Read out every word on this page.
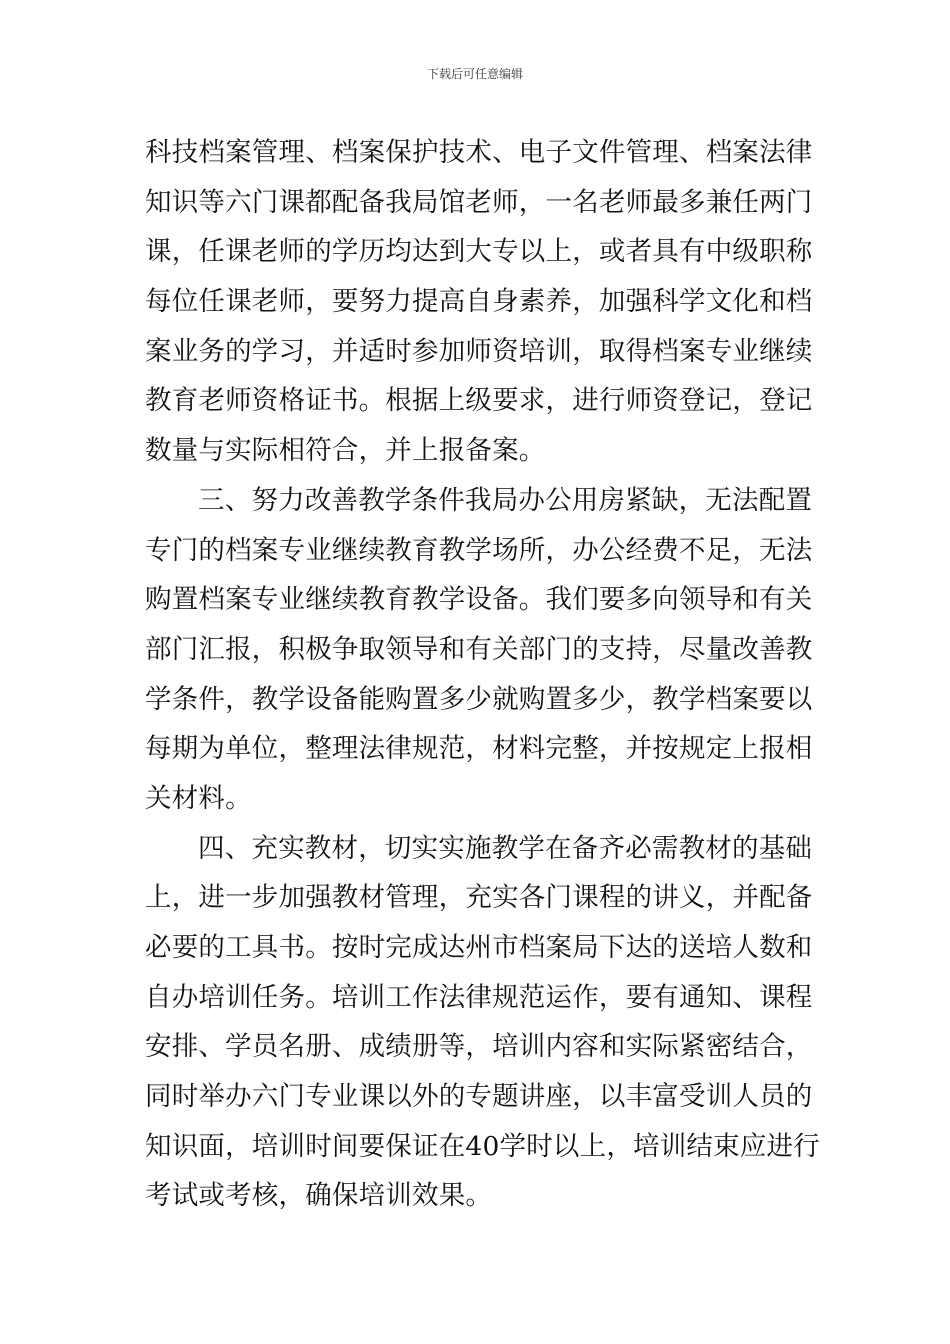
下载后可任意编辑
科技档案管理、档案保护技术、电子文件管理、档案法律
知识等六门课都配备我局馆老师，一名老师最多兼任两门
课，任课老师的学历均达到大专以上，或者具有中级职称
每位任课老师，要努力提高自身素养，加强科学文化和档
案业务的学习，并适时参加师资培训，取得档案专业继续
教育老师资格证书。根据上级要求，进行师资登记，登记
数量与实际相符合，并上报备案。
三、努力改善教学条件我局办公用房紧缺，无法配置
专门的档案专业继续教育教学场所，办公经费不足，无法
购置档案专业继续教育教学设备。我们要多向领导和有关
部门汇报，积极争取领导和有关部门的支持，尽量改善教
学条件，教学设备能购置多少就购置多少，教学档案要以
每期为单位，整理法律规范，材料完整，并按规定上报相
关材料。
四、充实教材，切实实施教学在备齐必需教材的基础
上，进一步加强教材管理，充实各门课程的讲义，并配备
必要的工具书。按时完成达州市档案局下达的送培人数和
自办培训任务。培训工作法律规范运作，要有通知、课程
安排、学员名册、成绩册等，培训内容和实际紧密结合，
同时举办六门专业课以外的专题讲座，以丰富受训人员的
知识面，培训时间要保证在40学时以上，培训结束应进行
考试或考核，确保培训效果。
